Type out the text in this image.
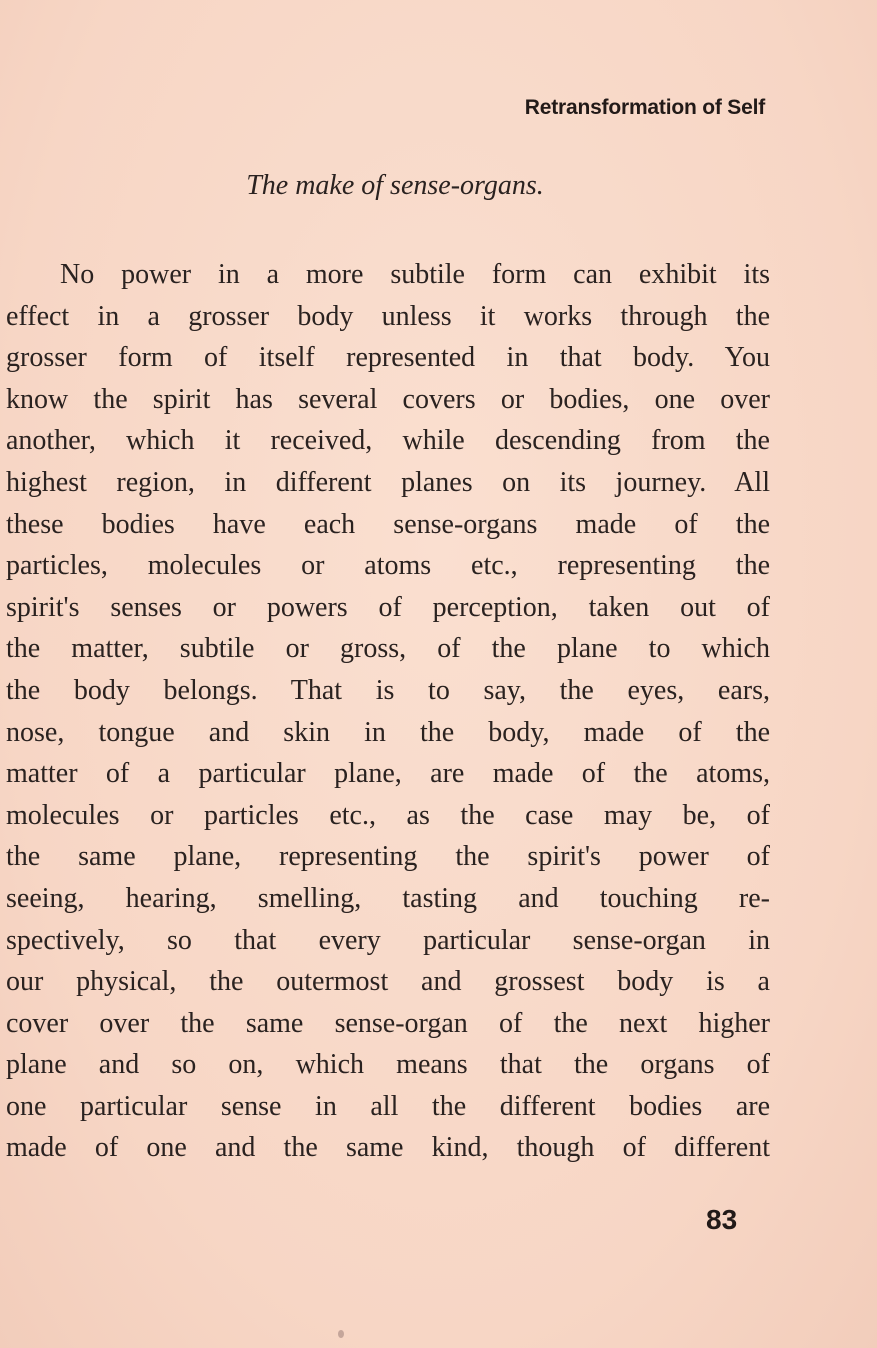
Retransformation of Self
The make of sense-organs.
No power in a more subtile form can exhibit its
effect in a grosser body unless it works through the
grosser form of itself represented in that body. You
know the spirit has several covers or bodies, one over
another, which it received, while descending from the
highest region, in different planes on its journey. All
these bodies have each sense-organs made of the
particles, molecules or atoms etc., representing the
spirit's senses or powers of perception, taken out of
the matter, subtile or gross, of the plane to which
the body belongs. That is to say, the eyes, ears,
nose, tongue and skin in the body, made of the
matter of a particular plane, are made of the atoms,
molecules or particles etc., as the case may be, of
the same plane, representing the spirit's power of
seeing, hearing, smelling, tasting and touching re-
spectively, so that every particular sense-organ in
our physical, the outermost and grossest body is a
cover over the same sense-organ of the next higher
plane and so on, which means that the organs of
one particular sense in all the different bodies are
made of one and the same kind, though of different
83
